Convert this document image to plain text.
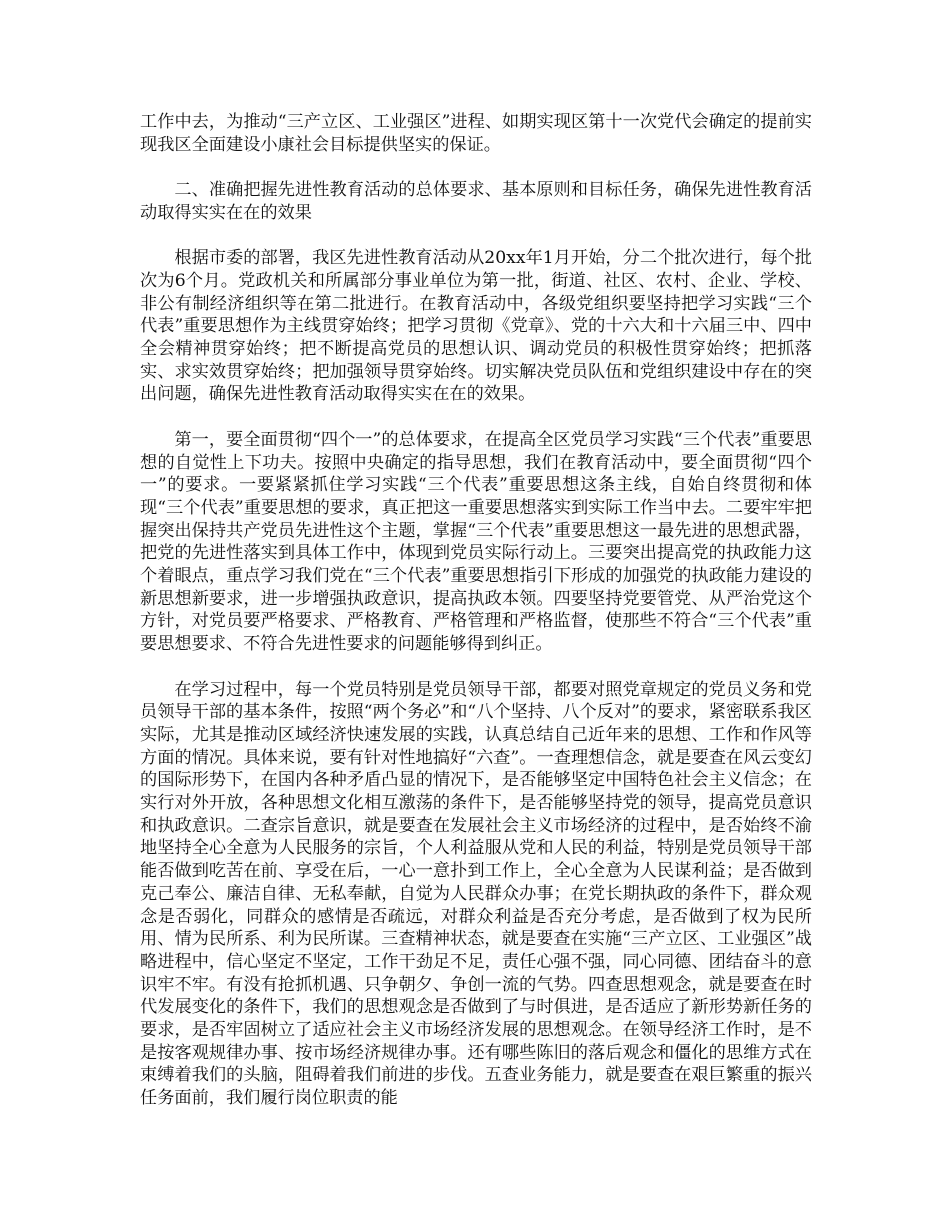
工作中去，为推动“三产立区、工业强区”进程、如期实现区第十一次党代会确定的提前实现我区全面建设小康社会目标提供坚实的保证。

二、准确把握先进性教育活动的总体要求、基本原则和目标任务，确保先进性教育活动取得实实在在的效果

根据市委的部署，我区先进性教育活动从20xx年1月开始，分二个批次进行，每个批次为6个月。党政机关和所属部分事业单位为第一批，街道、社区、农村、企业、学校、非公有制经济组织等在第二批进行。在教育活动中，各级党组织要坚持把学习实践“三个代表”重要思想作为主线贯穿始终；把学习贯彻《党章》、党的十六大和十六届三中、四中全会精神贯穿始终；把不断提高党员的思想认识、调动党员的积极性贯穿始终；把抓落实、求实效贯穿始终；把加强领导贯穿始终。切实解决党员队伍和党组织建设中存在的突出问题，确保先进性教育活动取得实实在在的效果。

第一，要全面贯彻“四个一”的总体要求，在提高全区党员学习实践“三个代表”重要思想的自觉性上下功夫。按照中央确定的指导思想，我们在教育活动中，要全面贯彻“四个一”的要求。一要紧紧抓住学习实践“三个代表”重要思想这条主线，自始自终贯彻和体现“三个代表”重要思想的要求，真正把这一重要思想落实到实际工作当中去。二要牢牢把握突出保持共产党员先进性这个主题，掌握“三个代表”重要思想这一最先进的思想武器，把党的先进性落实到具体工作中，体现到党员实际行动上。三要突出提高党的执政能力这个着眼点，重点学习我们党在“三个代表”重要思想指引下形成的加强党的执政能力建设的新思想新要求，进一步增强执政意识，提高执政本领。四要坚持党要管党、从严治党这个方针，对党员要严格要求、严格教育、严格管理和严格监督，使那些不符合“三个代表”重要思想要求、不符合先进性要求的问题能够得到纠正。

在学习过程中，每一个党员特别是党员领导干部，都要对照党章规定的党员义务和党员领导干部的基本条件，按照“两个务必”和“八个坚持、八个反对”的要求，紧密联系我区实际，尤其是推动区域经济快速发展的实践，认真总结自己近年来的思想、工作和作风等方面的情况。具体来说，要有针对性地搞好“六查”。一查理想信念，就是要查在风云变幻的国际形势下，在国内各种矛盾凸显的情况下，是否能够坚定中国特色社会主义信念；在实行对外开放，各种思想文化相互激荡的条件下，是否能够坚持党的领导，提高党员意识和执政意识。二查宗旨意识，就是要查在发展社会主义市场经济的过程中，是否始终不渝地坚持全心全意为人民服务的宗旨，个人利益服从党和人民的利益，特别是党员领导干部能否做到吃苦在前、享受在后，一心一意扑到工作上，全心全意为人民谋利益；是否做到克己奉公、廉洁自律、无私奉献，自觉为人民群众办事；在党长期执政的条件下，群众观念是否弱化，同群众的感情是否疏远，对群众利益是否充分考虑，是否做到了权为民所用、情为民所系、利为民所谋。三查精神状态，就是要查在实施“三产立区、工业强区”战略进程中，信心坚定不坚定，工作干劲足不足，责任心强不强，同心同德、团结奋斗的意识牢不牢。有没有抢抓机遇、只争朝夕、争创一流的气势。四查思想观念，就是要查在时代发展变化的条件下，我们的思想观念是否做到了与时俱进，是否适应了新形势新任务的要求，是否牢固树立了适应社会主义市场经济发展的思想观念。在领导经济工作时，是不是按客观规律办事、按市场经济规律办事。还有哪些陈旧的落后观念和僵化的思维方式在束缚着我们的头脑，阻碍着我们前进的步伐。五查业务能力，就是要查在艰巨繁重的振兴任务面前，我们履行岗位职责的能
